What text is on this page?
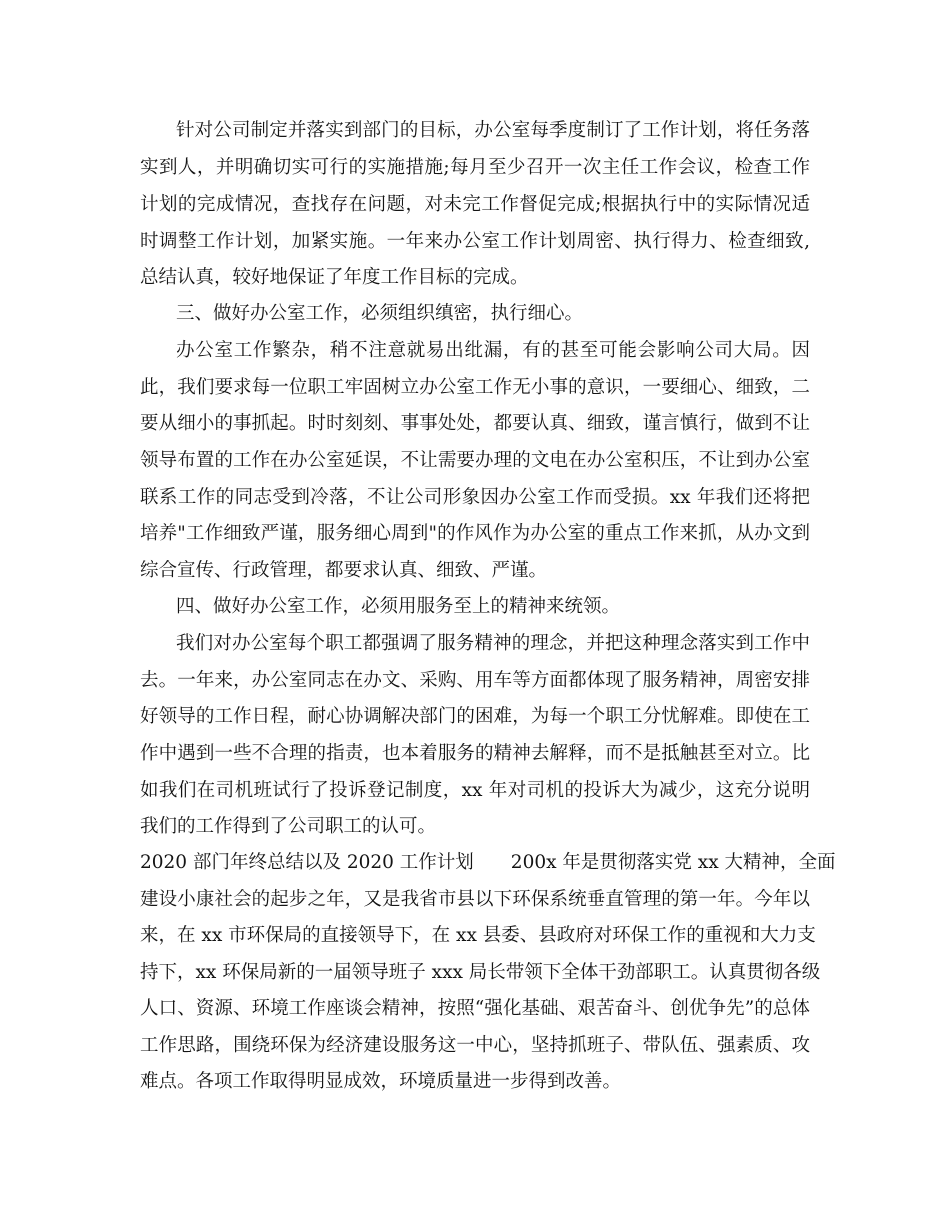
针对公司制定并落实到部门的目标，办公室每季度制订了工作计划，将任务落
实到人，并明确切实可行的实施措施;每月至少召开一次主任工作会议，检查工作
计划的完成情况，查找存在问题，对未完工作督促完成;根据执行中的实际情况适
时调整工作计划，加紧实施。一年来办公室工作计划周密、执行得力、检查细致,
总结认真，较好地保证了年度工作目标的完成。
三、做好办公室工作，必须组织缜密，执行细心。
办公室工作繁杂，稍不注意就易出纰漏，有的甚至可能会影响公司大局。因
此，我们要求每一位职工牢固树立办公室工作无小事的意识，一要细心、细致，二
要从细小的事抓起。时时刻刻、事事处处，都要认真、细致，谨言慎行，做到不让
领导布置的工作在办公室延误，不让需要办理的文电在办公室积压，不让到办公室
联系工作的同志受到冷落，不让公司形象因办公室工作而受损。xx 年我们还将把
培养"工作细致严谨，服务细心周到"的作风作为办公室的重点工作来抓，从办文到
综合宣传、行政管理，都要求认真、细致、严谨。
四、做好办公室工作，必须用服务至上的精神来统领。
我们对办公室每个职工都强调了服务精神的理念，并把这种理念落实到工作中
去。一年来，办公室同志在办文、采购、用车等方面都体现了服务精神，周密安排
好领导的工作日程，耐心协调解决部门的困难，为每一个职工分忧解难。即使在工
作中遇到一些不合理的指责，也本着服务的精神去解释，而不是抵触甚至对立。比
如我们在司机班试行了投诉登记制度，xx 年对司机的投诉大为减少，这充分说明
我们的工作得到了公司职工的认可。
2020 部门年终总结以及 2020 工作计划　　200x 年是贯彻落实党 xx 大精神，全面
建设小康社会的起步之年，又是我省市县以下环保系统垂直管理的第一年。今年以
来，在 xx 市环保局的直接领导下，在 xx 县委、县政府对环保工作的重视和大力支
持下，xx 环保局新的一届领导班子 xxx 局长带领下全体干劲部职工。认真贯彻各级
人口、资源、环境工作座谈会精神，按照“强化基础、艰苦奋斗、创优争先”的总体
工作思路，围绕环保为经济建设服务这一中心，坚持抓班子、带队伍、强素质、攻
难点。各项工作取得明显成效，环境质量进一步得到改善。
